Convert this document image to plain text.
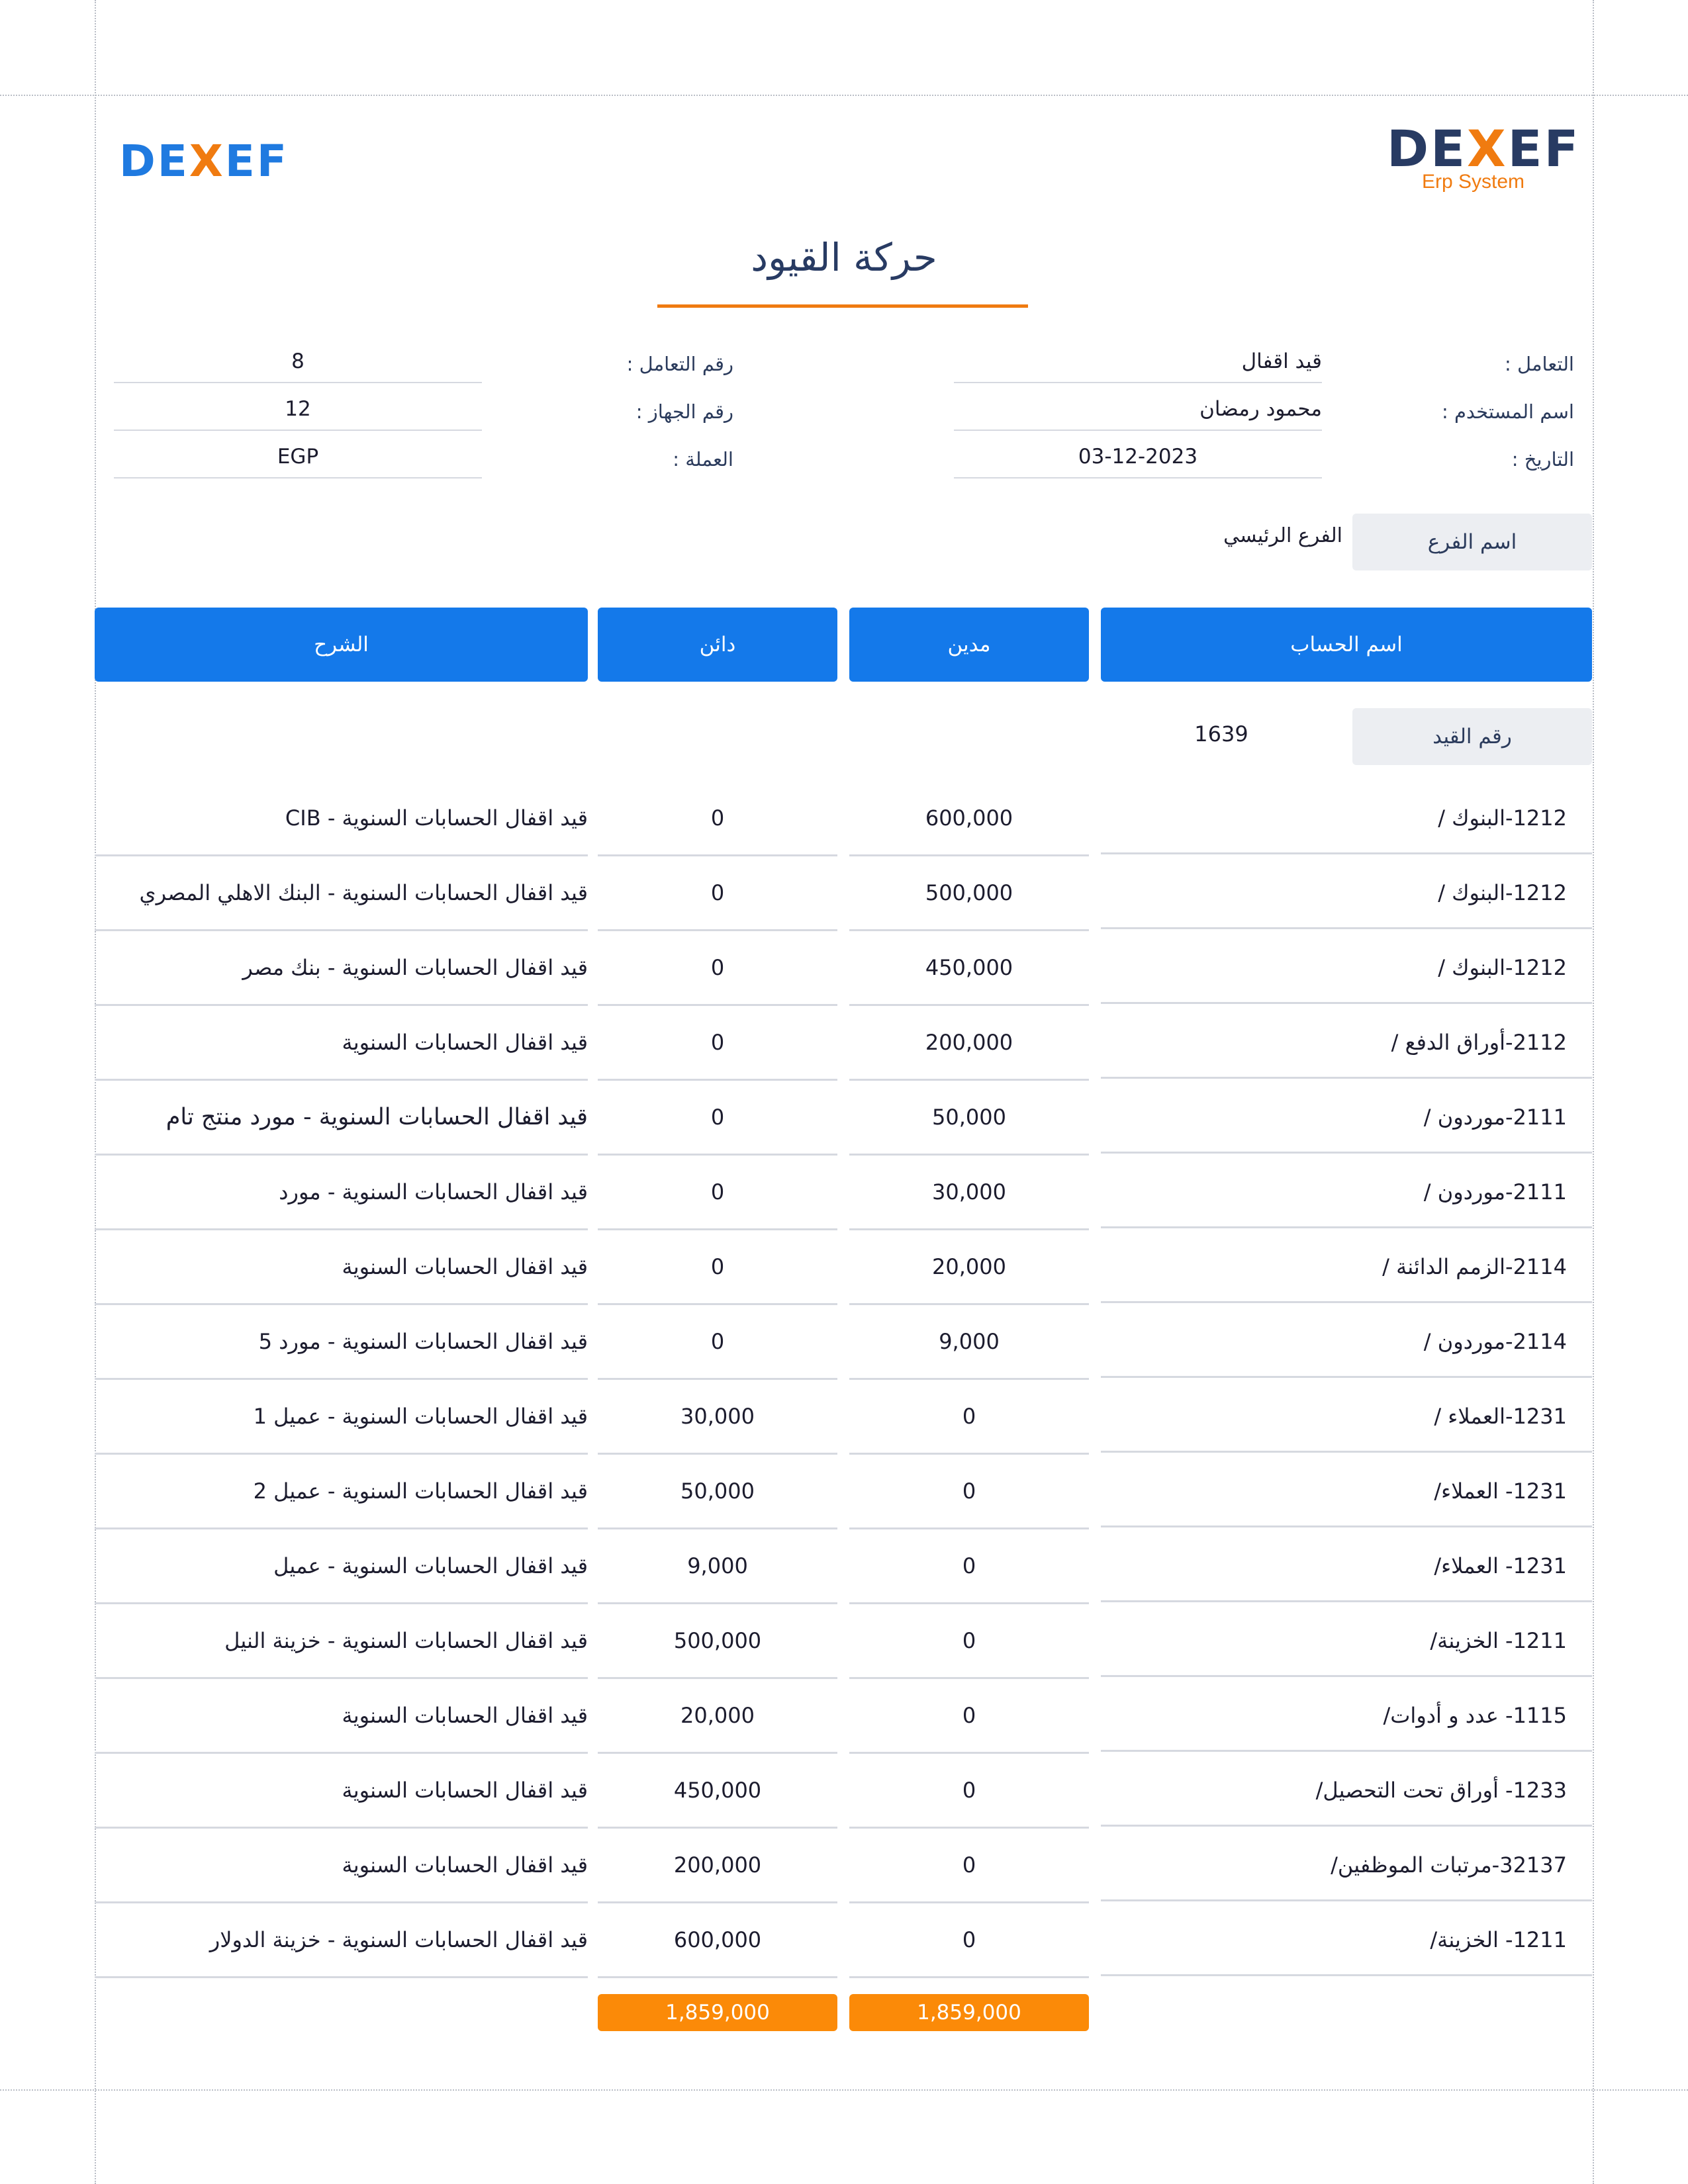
DEXEF	DEXEF
Erp System
حركة القيود
التعامل :
قيد اقفال
اسم المستخدم :
محمود رمضان
التاريخ :
03-12-2023
رقم التعامل :
8
رقم الجهاز :
12
العملة :
EGP
اسم الفرع
الفرع الرئيسي
اسم الحساب
مدين
دائن
الشرح
رقم القيد
1639
1212-البنوك /
600,000
0
قيد اقفال الحسابات السنوية - CIB
1212-البنوك /
500,000
0
قيد اقفال الحسابات السنوية - البنك الاهلي المصري
1212-البنوك /
450,000
0
قيد اقفال الحسابات السنوية - بنك مصر
2112-أوراق الدفع /
200,000
0
قيد اقفال الحسابات السنوية
2111-موردون /
50,000
0
قيد اقفال الحسابات السنوية - مورد منتج تام
2111-موردون /
30,000
0
قيد اقفال الحسابات السنوية - مورد
2114-الزمم الدائنة /
20,000
0
قيد اقفال الحسابات السنوية
2114-موردون /
9,000
0
قيد اقفال الحسابات السنوية - مورد 5
1231-العملاء /
0
30,000
قيد اقفال الحسابات السنوية - عميل 1
1231- العملاء/
0
50,000
قيد اقفال الحسابات السنوية - عميل 2
1231- العملاء/
0
9,000
قيد اقفال الحسابات السنوية - عميل
1211- الخزينة/
0
500,000
قيد اقفال الحسابات السنوية - خزينة النيل
1115- عدد و أدوات/
0
20,000
قيد اقفال الحسابات السنوية
1233- أوراق تحت التحصيل/
0
450,000
قيد اقفال الحسابات السنوية
32137-مرتبات الموظفين/
0
200,000
قيد اقفال الحسابات السنوية
1211- الخزينة/
0
600,000
قيد اقفال الحسابات السنوية - خزينة الدولار
1,859,000
1,859,000
